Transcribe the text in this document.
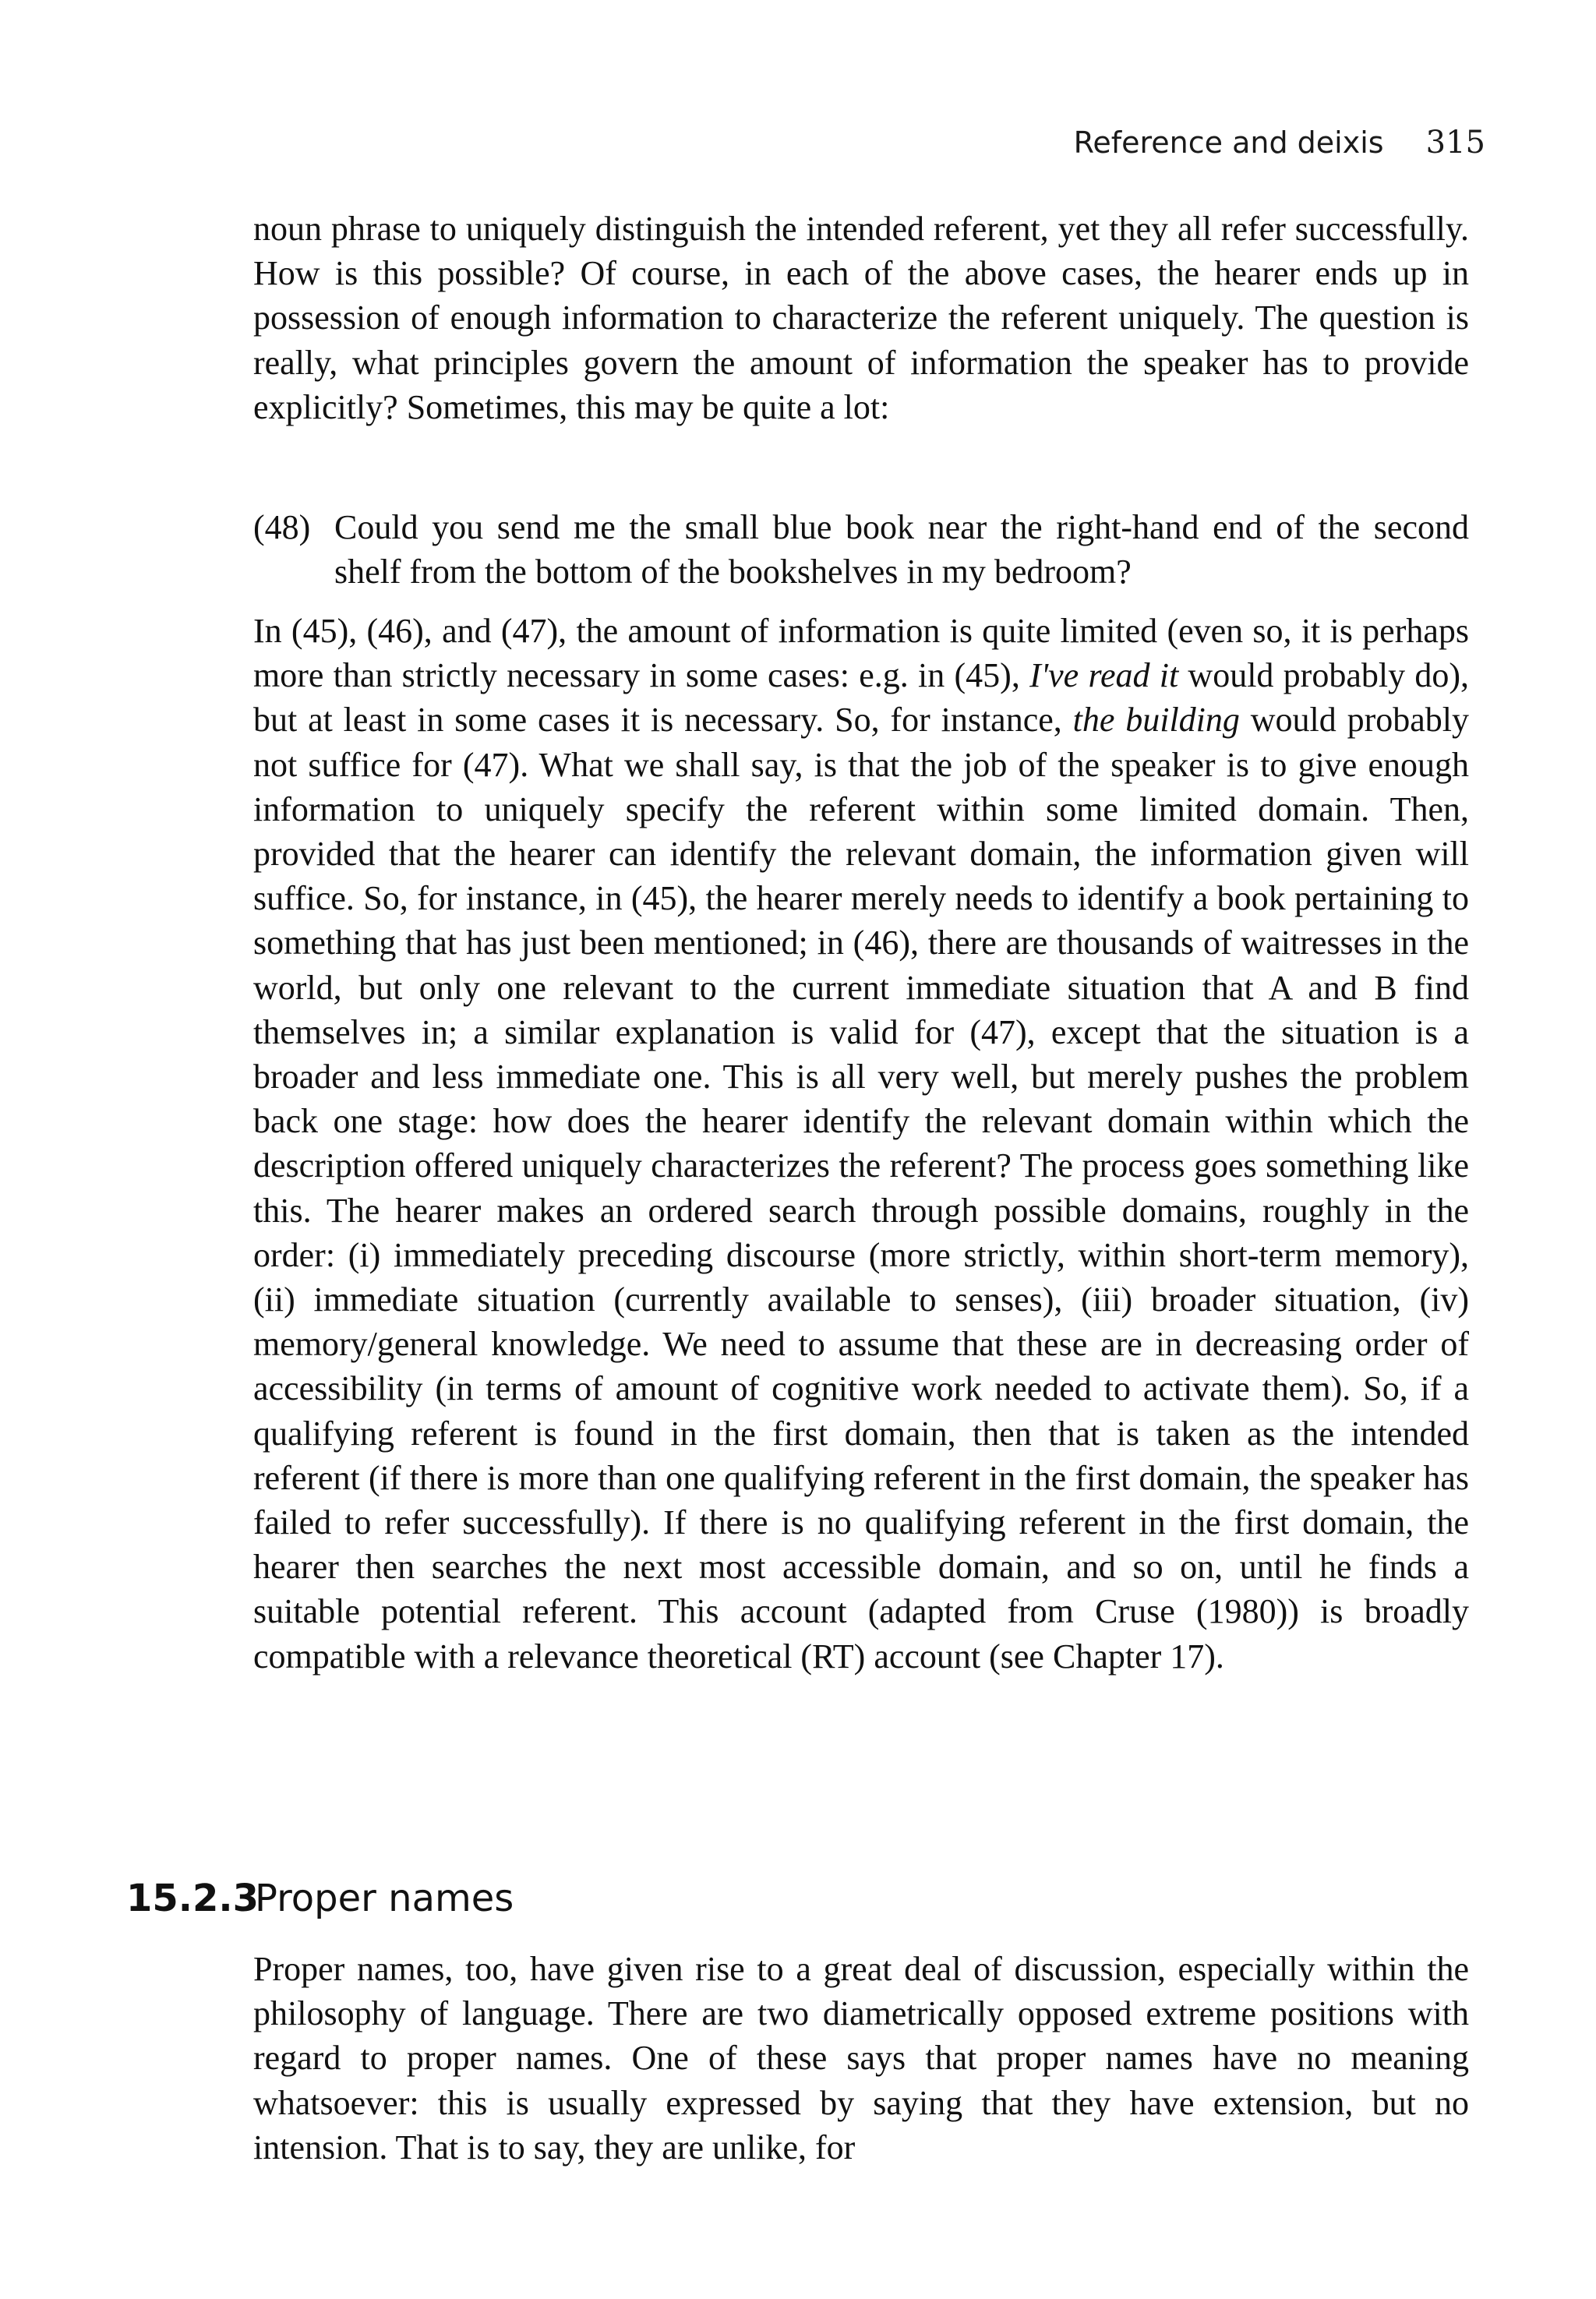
Reference and deixis 315

noun phrase to uniquely distinguish the intended referent, yet they all refer successfully. How is this possible? Of course, in each of the above cases, the hearer ends up in possession of enough information to characterize the referent uniquely. The question is really, what principles govern the amount of information the speaker has to provide explicitly? Sometimes, this may be quite a lot:

(48) Could you send me the small blue book near the right-hand end of the second shelf from the bottom of the bookshelves in my bedroom?

In (45), (46), and (47), the amount of information is quite limited (even so, it is perhaps more than strictly necessary in some cases: e.g. in (45), I've read it would probably do), but at least in some cases it is necessary. So, for instance, the building would probably not suffice for (47). What we shall say, is that the job of the speaker is to give enough information to uniquely specify the referent within some limited domain. Then, provided that the hearer can identify the relevant domain, the information given will suffice. So, for instance, in (45), the hearer merely needs to identify a book pertaining to something that has just been mentioned; in (46), there are thousands of waitresses in the world, but only one relevant to the current immediate situation that A and B find themselves in; a similar explanation is valid for (47), except that the situation is a broader and less immediate one. This is all very well, but merely pushes the problem back one stage: how does the hearer identify the relevant domain within which the description offered uniquely characterizes the referent? The process goes something like this. The hearer makes an ordered search through possible domains, roughly in the order: (i) immediately preceding discourse (more strictly, within short-term memory), (ii) immediate situation (currently available to senses), (iii) broader situation, (iv) memory/general knowledge. We need to assume that these are in decreasing order of accessibility (in terms of amount of cognitive work needed to activate them). So, if a qualifying referent is found in the first domain, then that is taken as the intended referent (if there is more than one qualifying referent in the first domain, the speaker has failed to refer successfully). If there is no qualifying referent in the first domain, the hearer then searches the next most accessible domain, and so on, until he finds a suitable potential referent. This account (adapted from Cruse (1980)) is broadly compatible with a relevance theoretical (RT) account (see Chapter 17).

15.2.3Proper names

Proper names, too, have given rise to a great deal of discussion, especially within the philosophy of language. There are two diametrically opposed extreme positions with regard to proper names. One of these says that proper names have no meaning whatsoever: this is usually expressed by saying that they have extension, but no intension. That is to say, they are unlike, for
